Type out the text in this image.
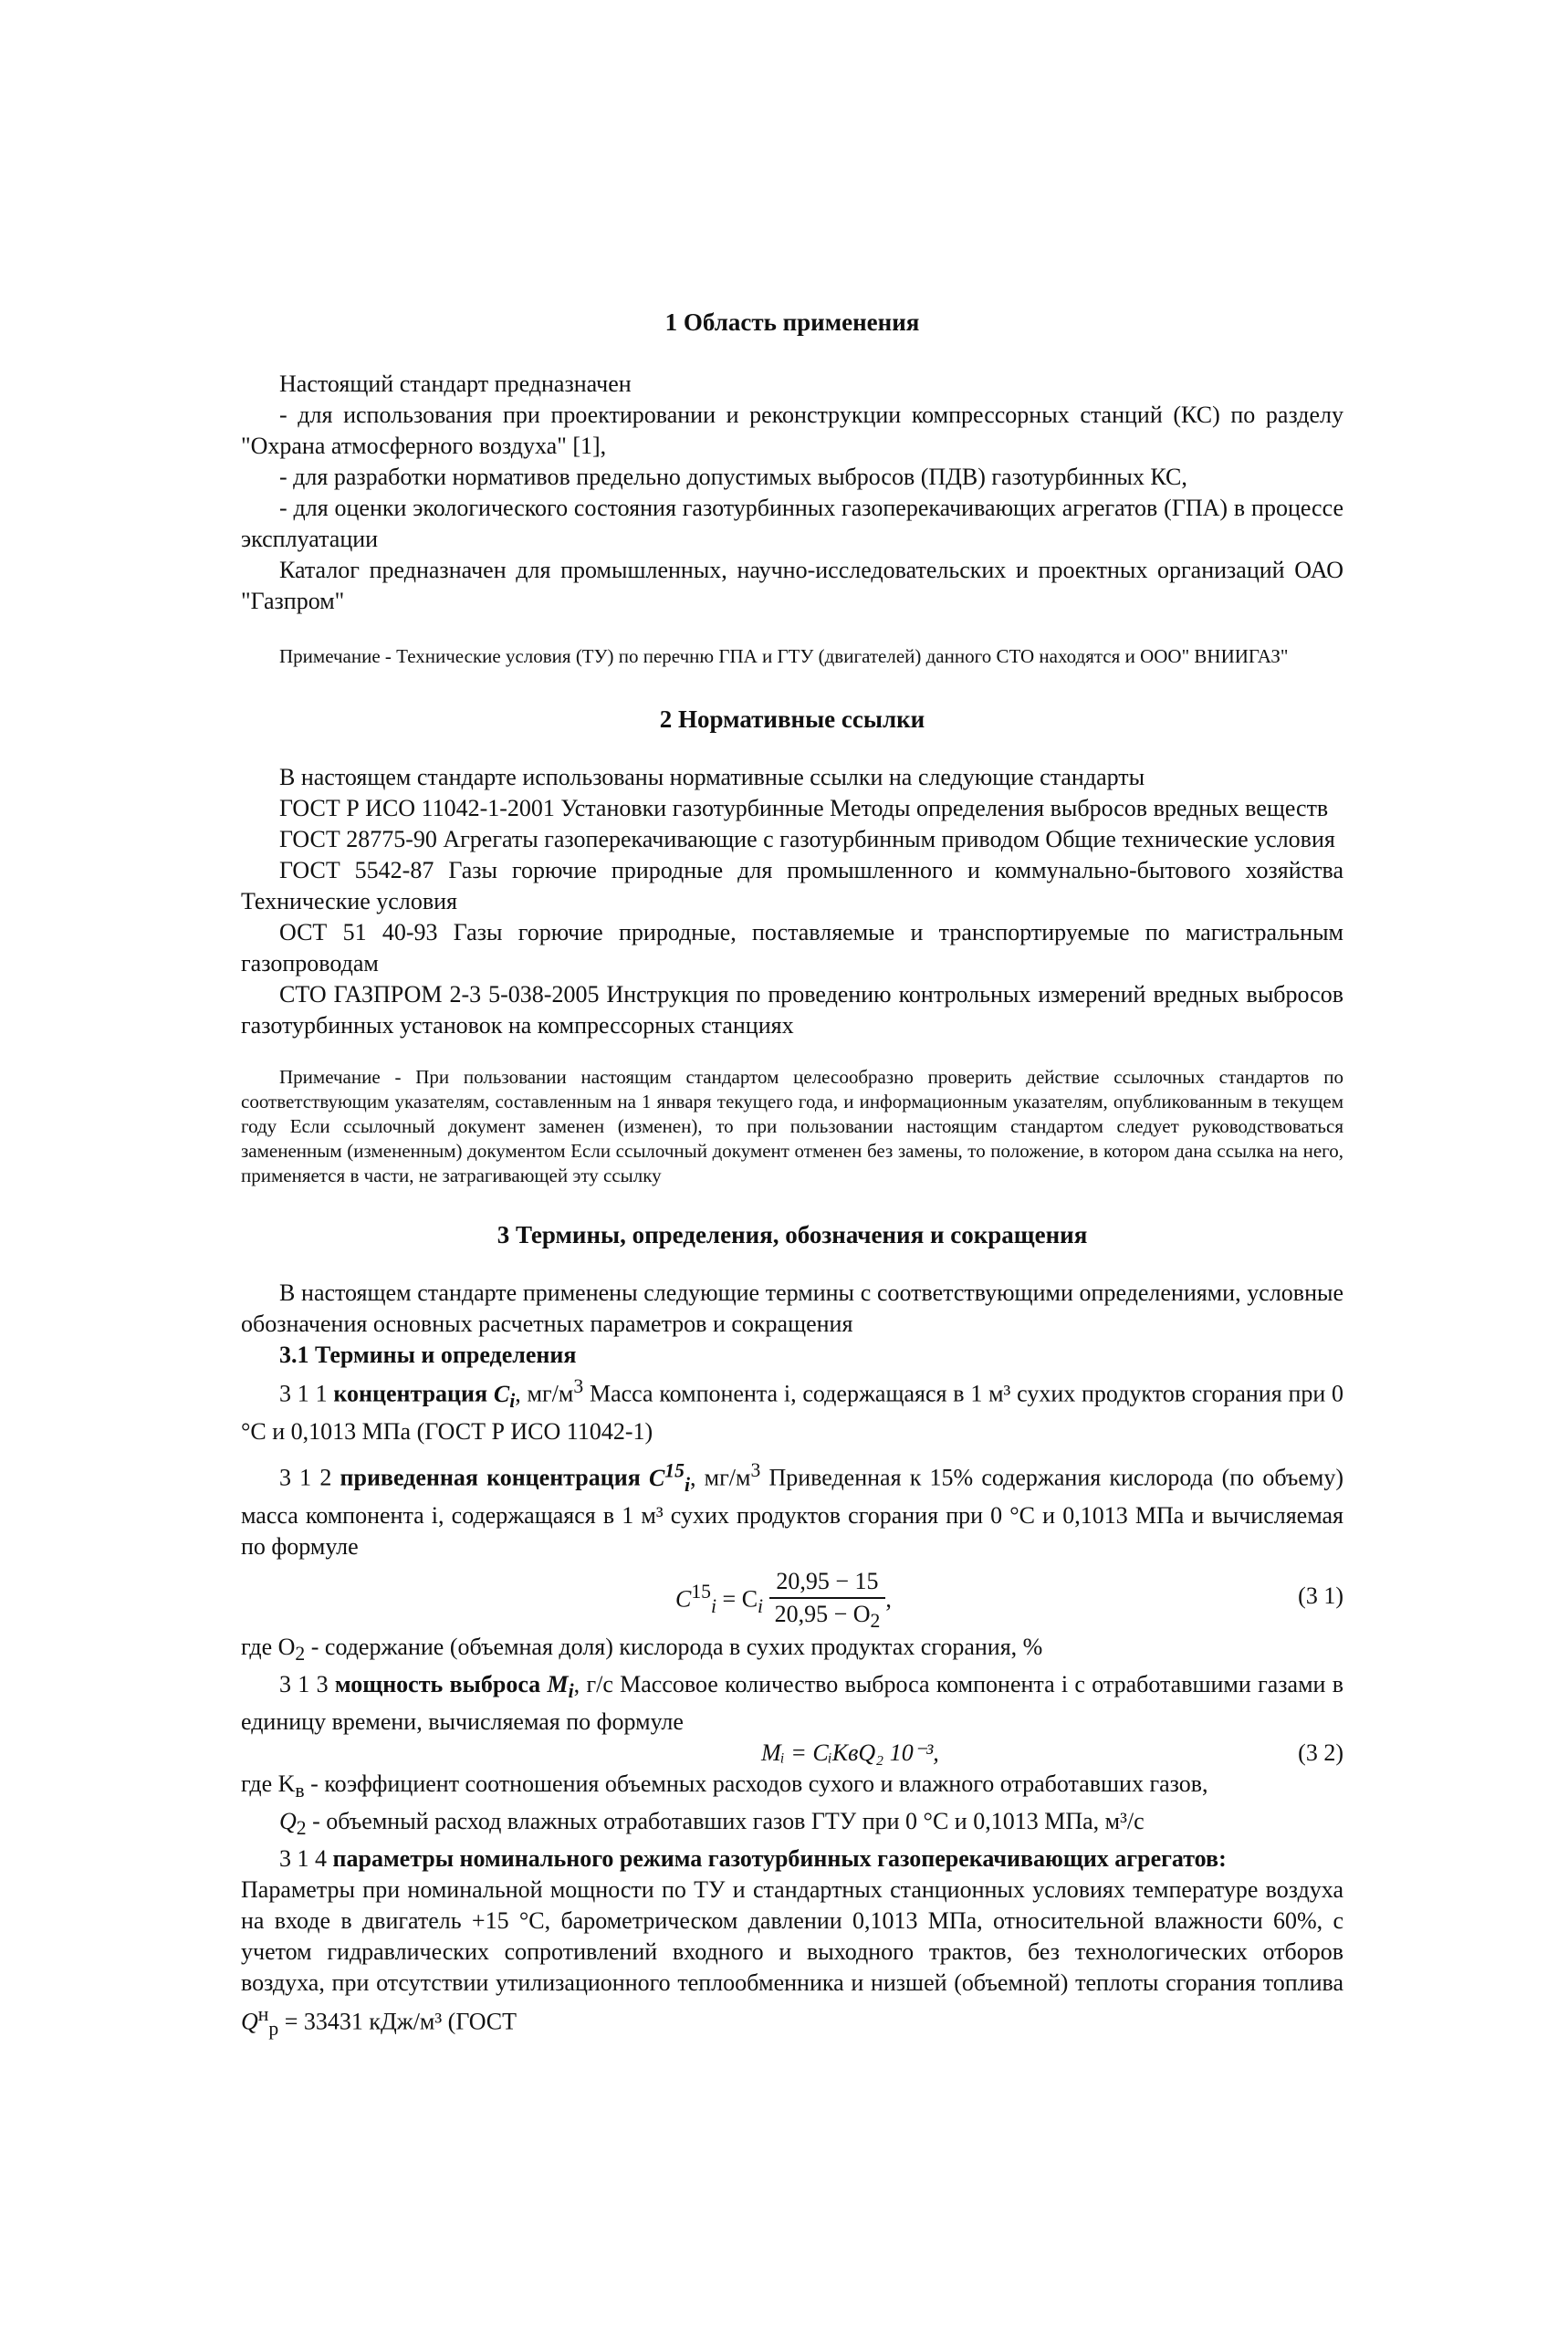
1 Область применения

Настоящий стандарт предназначен

- для использования при проектировании и реконструкции компрессорных станций (КС) по разделу "Охрана атмосферного воздуха" [1],

- для разработки нормативов предельно допустимых выбросов (ПДВ) газотурбинных КС,

- для оценки экологического состояния газотурбинных газоперекачивающих агрегатов (ГПА) в процессе эксплуатации

Каталог предназначен для промышленных, научно-исследовательских и проектных организаций ОАО "Газпром"

Примечание - Технические условия (ТУ) по перечню ГПА и ГТУ (двигателей) данного СТО находятся и ООО" ВНИИГАЗ"

2 Нормативные ссылки

В настоящем стандарте использованы нормативные ссылки на следующие стандарты

ГОСТ Р ИСО 11042-1-2001 Установки газотурбинные Методы определения выбросов вредных веществ

ГОСТ 28775-90 Агрегаты газоперекачивающие с газотурбинным приводом Общие технические условия

ГОСТ 5542-87 Газы горючие природные для промышленного и коммунально-бытового хозяйства Технические условия

ОСТ 51 40-93 Газы горючие природные, поставляемые и транспортируемые по магистральным газопроводам

СТО ГАЗПРОМ 2-3 5-038-2005 Инструкция по проведению контрольных измерений вредных выбросов газотурбинных установок на компрессорных станциях

Примечание - При пользовании настоящим стандартом целесообразно проверить действие ссылочных стандартов по соответствующим указателям, составленным на 1 января текущего года, и информационным указателям, опубликованным в текущем году Если ссылочный документ заменен (изменен), то при пользовании настоящим стандартом следует руководствоваться замененным (измененным) документом Если ссылочный документ отменен без замены, то положение, в котором дана ссылка на него, применяется в части, не затрагивающей эту ссылку

3 Термины, определения, обозначения и сокращения

В настоящем стандарте применены следующие термины с соответствующими определениями, условные обозначения основных расчетных параметров и сокращения

3.1 Термины и определения

3 1 1 концентрация $C_i$, $мг/м^3$ Масса компонента i, содержащаяся в 1 м³ сухих продуктов сгорания при 0 °С и 0,1013 МПа (ГОСТ Р ИСО 11042-1)

3 1 2 приведенная концентрация $C^{15}_i$, $мг/м^3$ Приведенная к 15% содержания кислорода (по объему) масса компонента i, содержащаяся в 1 м³ сухих продуктов сгорания при 0 °С и 0,1013 МПа и вычисляемая по формуле

$C^{15}_i = C_i \frac{20,95 - 15}{20,95 - O_2}$ ,	(3 1)

где $O_2$ - содержание (объемная доля) кислорода в сухих продуктах сгорания, %

3 1 3 мощность выброса $M_i$, г/с Массовое количество выброса компонента i с отработавшими газами в единицу времени, вычисляемая по формуле

Mᵢ = CᵢKвQ₂ 10⁻³,	(3 2)

где $K_в$ - коэффициент соотношения объемных расходов сухого и влажного отработавших газов,

$Q_2$ - объемный расход влажных отработавших газов ГТУ при 0 °С и 0,1013 МПа, м³/с

3 1 4 параметры номинального режима газотурбинных газоперекачивающих агрегатов:

Параметры при номинальной мощности по ТУ и стандартных станционных условиях температуре воздуха на входе в двигатель +15 °С, барометрическом давлении 0,1013 МПа, относительной влажности 60%, с учетом гидравлических сопротивлений входного и выходного трактов, без технологических отборов воздуха, при отсутствии утилизационного теплообменника и низшей (объемной) теплоты сгорания топлива $Q^н_р = 33431$ кДж/м³ (ГОСТ
